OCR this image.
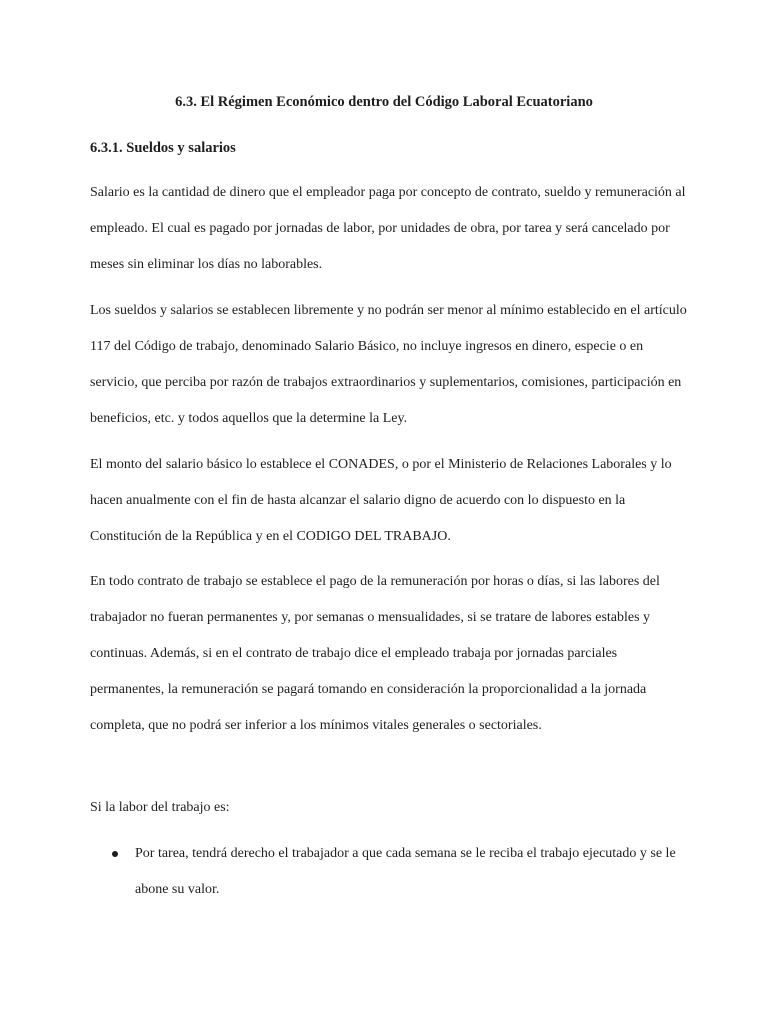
6.3. El Régimen Económico dentro del Código Laboral Ecuatoriano
6.3.1. Sueldos y salarios

Salario es la cantidad de dinero que el empleador paga por concepto de contrato, sueldo y remuneración al empleado. El cual es pagado por jornadas de labor, por unidades de obra, por tarea y será cancelado por meses sin eliminar los días no laborables.

Los sueldos y salarios se establecen libremente y no podrán ser menor al mínimo establecido en el artículo 117 del Código de trabajo, denominado Salario Básico, no incluye ingresos en dinero, especie o en servicio, que perciba por razón de trabajos extraordinarios y suplementarios, comisiones, participación en beneficios, etc. y todos aquellos que la determine la Ley.

El monto del salario básico lo establece el CONADES, o por el Ministerio de Relaciones Laborales y lo hacen anualmente con el fin de hasta alcanzar el salario digno de acuerdo con lo dispuesto en la Constitución de la República y en el CODIGO DEL TRABAJO.

En todo contrato de trabajo se establece el pago de la remuneración por horas o días, si las labores del trabajador no fueran permanentes y, por semanas o mensualidades, si se tratare de labores estables y continuas. Además, si en el contrato de trabajo dice el empleado trabaja por jornadas parciales permanentes, la remuneración se pagará tomando en consideración la proporcionalidad a la jornada completa, que no podrá ser inferior a los mínimos vitales generales o sectoriales.

Si la labor del trabajo es:

Por tarea, tendrá derecho el trabajador a que cada semana se le reciba el trabajo ejecutado y se le abone su valor.
